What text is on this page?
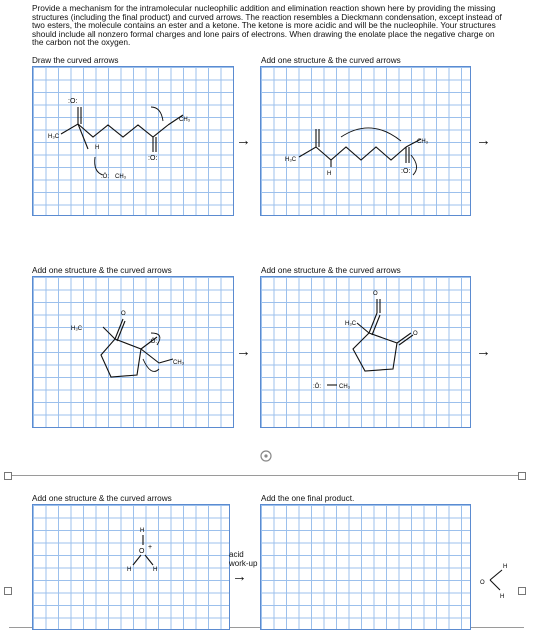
Provide a mechanism for the intramolecular nucleophilic addition and elimination reaction shown here by providing the missing structures (including the final product) and curved arrows. The reaction resembles a Dieckmann condensation, except instead of two esters, the molecule contains an ester and a ketone. The ketone is more acidic and will be the nucleophile. Your structures should include all nonzero formal charges and lone pairs of electrons. When drawing the enolate place the negative charge on the carbon not the oxygen.
Draw the curved arrows	Add one structure & the curved arrows
:O:
H₃C
H
:O:
CH₃
:Ö: CH₃
→
H₃C
H
CH₃
:O:
→
Add one structure & the curved arrows	Add one structure & the curved arrows
H₃C
O
:Ö:
CH₃
→
H₃C
O
O
:Ö:	CH₃
→
Add one structure & the curved arrows	Add the one final product.
H
O
+
H	H
acid
work-up
→	O
H
H
